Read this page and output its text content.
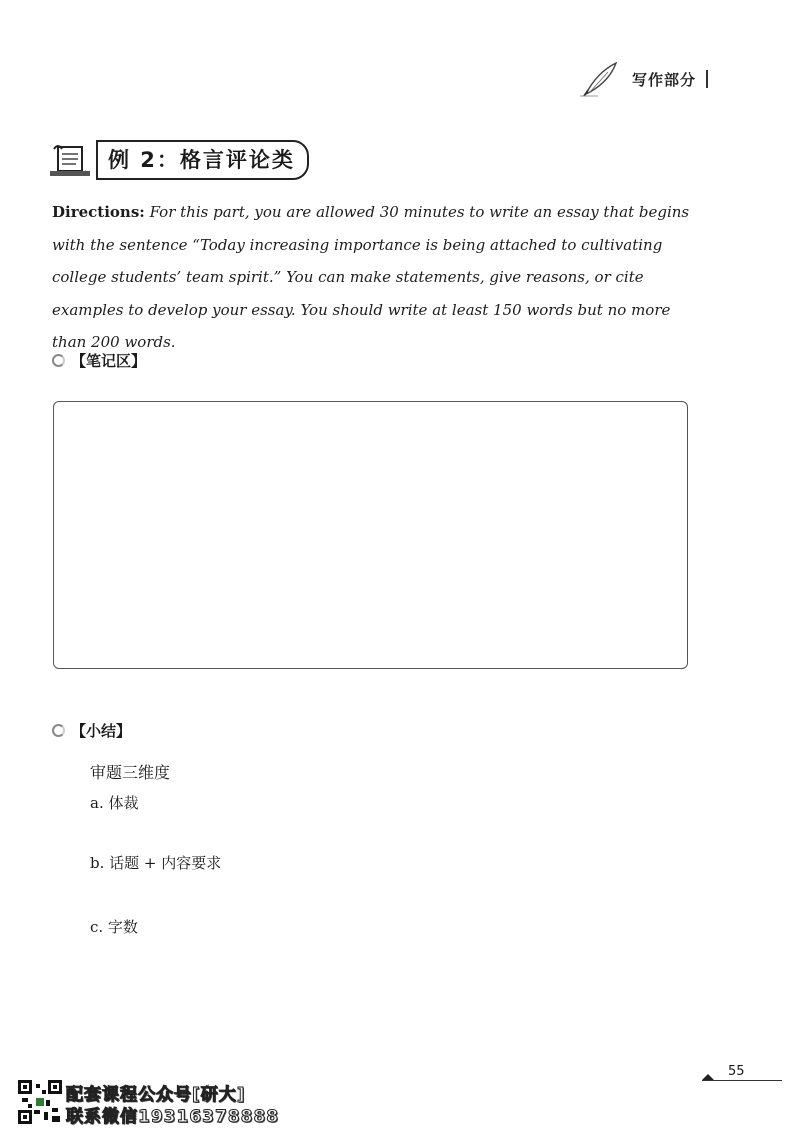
写作部分
例 2：格言评论类
Directions: For this part, you are allowed 30 minutes to write an essay that begins with the sentence “Today increasing importance is being attached to cultivating college students’ team spirit.” You can make statements, give reasons, or cite examples to develop your essay. You should write at least 150 words but no more than 200 words.
【笔记区】
【小结】
审题三维度
a. 体裁
b. 话题 + 内容要求
c. 字数
55
配套课程公众号[研大]
联系微信19316378888
